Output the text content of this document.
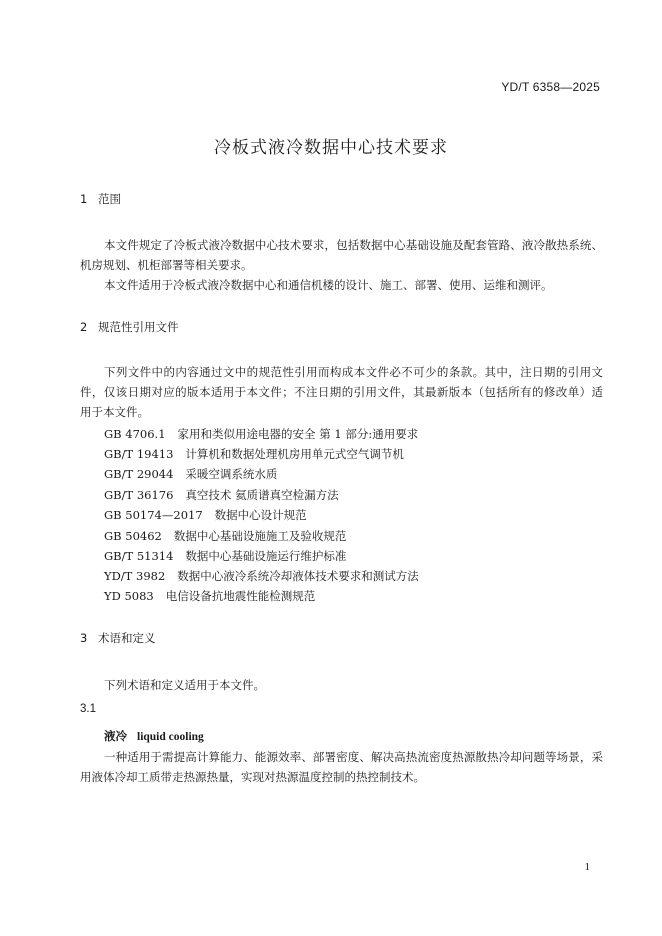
YD/T 6358—2025
冷板式液冷数据中心技术要求
1 范围
本文件规定了冷板式液冷数据中心技术要求，包括数据中心基础设施及配套管路、液冷散热系统、
机房规划、机柜部署等相关要求。
本文件适用于冷板式液冷数据中心和通信机楼的设计、施工、部署、使用、运维和测评。
2 规范性引用文件
下列文件中的内容通过文中的规范性引用而构成本文件必不可少的条款。其中，注日期的引用文
件，仅该日期对应的版本适用于本文件；不注日期的引用文件，其最新版本（包括所有的修改单）适
用于本文件。
GB 4706.1 家用和类似用途电器的安全 第 1 部分:通用要求
GB/T 19413 计算机和数据处理机房用单元式空气调节机
GB/T 29044 采暖空调系统水质
GB/T 36176 真空技术 氦质谱真空检漏方法
GB 50174—2017 数据中心设计规范
GB 50462 数据中心基础设施施工及验收规范
GB/T 51314 数据中心基础设施运行维护标准
YD/T 3982 数据中心液冷系统冷却液体技术要求和测试方法
YD 5083 电信设备抗地震性能检测规范
3 术语和定义
下列术语和定义适用于本文件。
3.1
液冷 liquid cooling
一种适用于需提高计算能力、能源效率、部署密度、解决高热流密度热源散热冷却问题等场景，采
用液体冷却工质带走热源热量，实现对热源温度控制的热控制技术。
1
